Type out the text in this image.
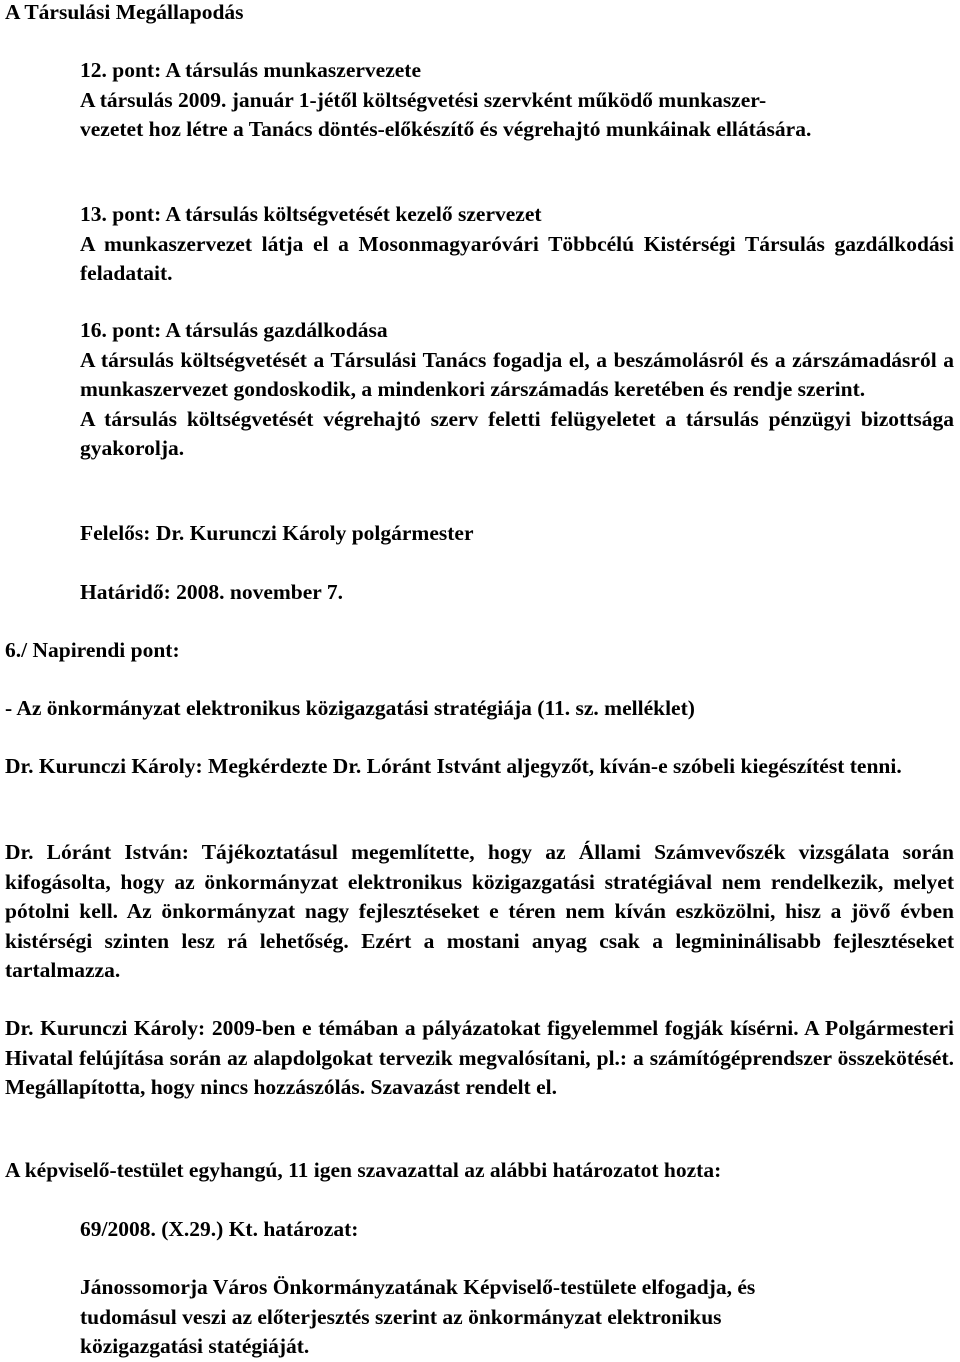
A Társulási Megállapodás

12. pont: A társulás munkaszervezete
A társulás 2009. január 1-jétől költségvetési szervként működő munkaszer-
vezetet hoz létre a Tanács döntés-előkészítő és végrehajtó munkáinak ellátására.
13. pont: A társulás költségvetését kezelő szervezet
A munkaszervezet látja el a Mosonmagyaróvári Többcélú Kistérségi Társulás gazdálkodási feladatait.
16. pont: A társulás gazdálkodása
A társulás költségvetését a Társulási Tanács fogadja el, a beszámolásról és a zárszámadásról a munkaszervezet gondoskodik, a mindenkori zárszámadás keretében és rendje szerint.
A társulás költségvetését végrehajtó szerv feletti felügyeletet a társulás pénzügyi bizottsága gyakorolja.

Felelős: Dr. Kurunczi Károly polgármester

Határidő: 2008. november 7.

6./ Napirendi pont:

- Az önkormányzat elektronikus közigazgatási stratégiája (11. sz. melléklet)

Dr. Kurunczi Károly: Megkérdezte Dr. Lóránt Istvánt aljegyzőt, kíván-e szóbeli kiegészítést tenni.

Dr. Lóránt István: Tájékoztatásul megemlítette, hogy az Állami Számvevőszék vizsgálata során kifogásolta, hogy az önkormányzat elektronikus közigazgatási stratégiával nem rendelkezik, melyet pótolni kell. Az önkormányzat nagy fejlesztéseket e téren nem kíván eszközölni, hisz a jövő évben kistérségi szinten lesz rá lehetőség. Ezért a mostani anyag csak a legmininálisabb fejlesztéseket tartalmazza.

Dr. Kurunczi Károly: 2009-ben e témában a pályázatokat figyelemmel fogják kísérni. A Polgármesteri Hivatal felújítása során az alapdolgokat tervezik megvalósítani, pl.: a számítógéprendszer összekötését. Megállapította, hogy nincs hozzászólás. Szavazást rendelt el.

A képviselő-testület egyhangú, 11 igen szavazattal az alábbi határozatot hozta:

69/2008. (X.29.) Kt. határozat:

Jánossomorja Város Önkormányzatának Képviselő-testülete elfogadja, és
tudomásul veszi az előterjesztés szerint az önkormányzat elektronikus
közigazgatási statégiáját.
